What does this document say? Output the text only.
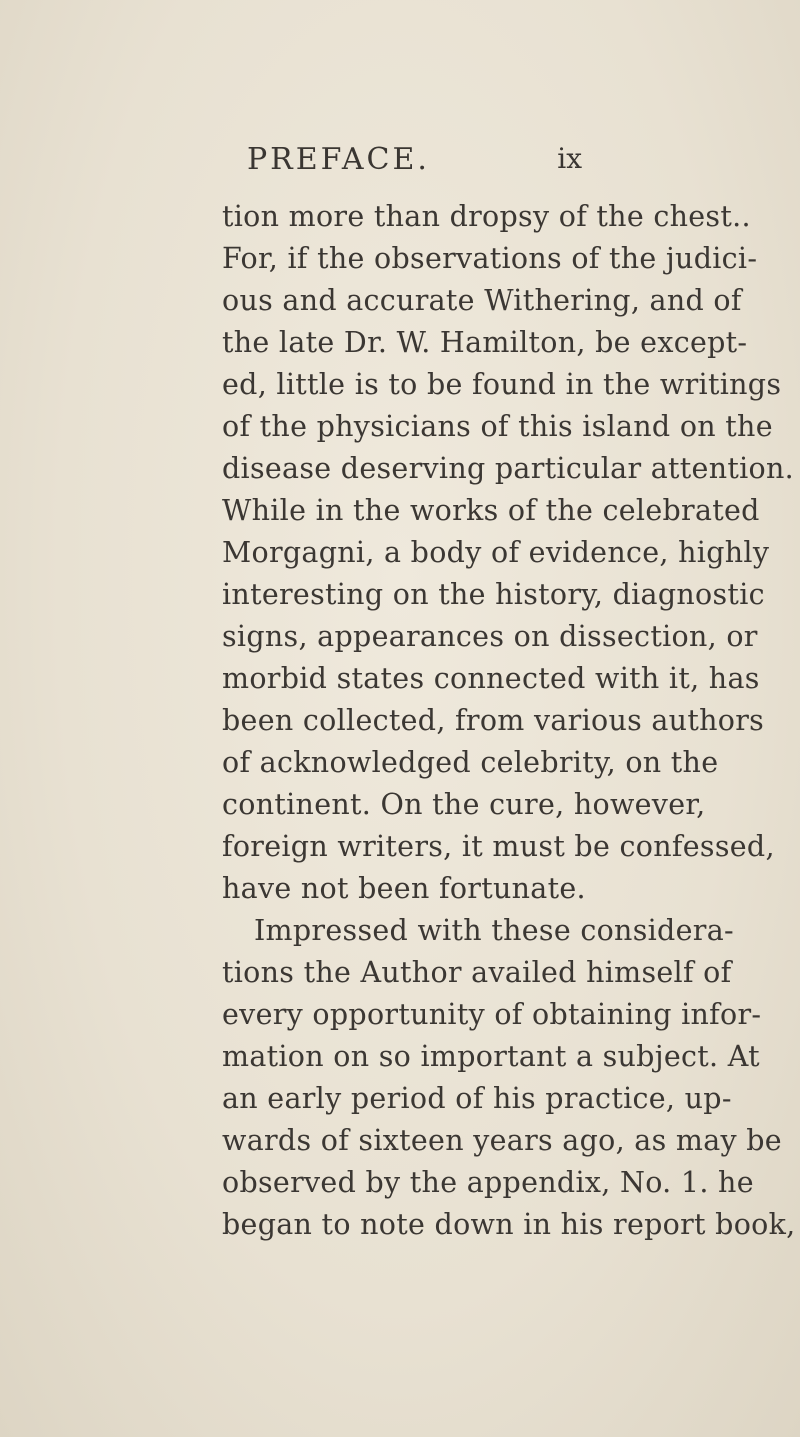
PREFACE.	ix
tion more than dropsy of the chest..
For, if the observations of the judici-
ous and accurate Withering, and of
the late Dr. W. Hamilton, be except-
ed, little is to be found in the writings
of the physicians of this island on the
disease deserving particular attention.
While in the works of the celebrated
Morgagni, a body of evidence, highly
interesting on the history, diagnostic
signs, appearances on dissection, or
morbid states connected with it, has
been collected, from various authors
of acknowledged celebrity, on the
continent. On the cure, however,
foreign writers, it must be confessed,
have not been fortunate.
Impressed with these considera-
tions the Author availed himself of
every opportunity of obtaining infor-
mation on so important a subject. At
an early period of his practice, up-
wards of sixteen years ago, as may be
observed by the appendix, No. 1. he
began to note down in his report book,
